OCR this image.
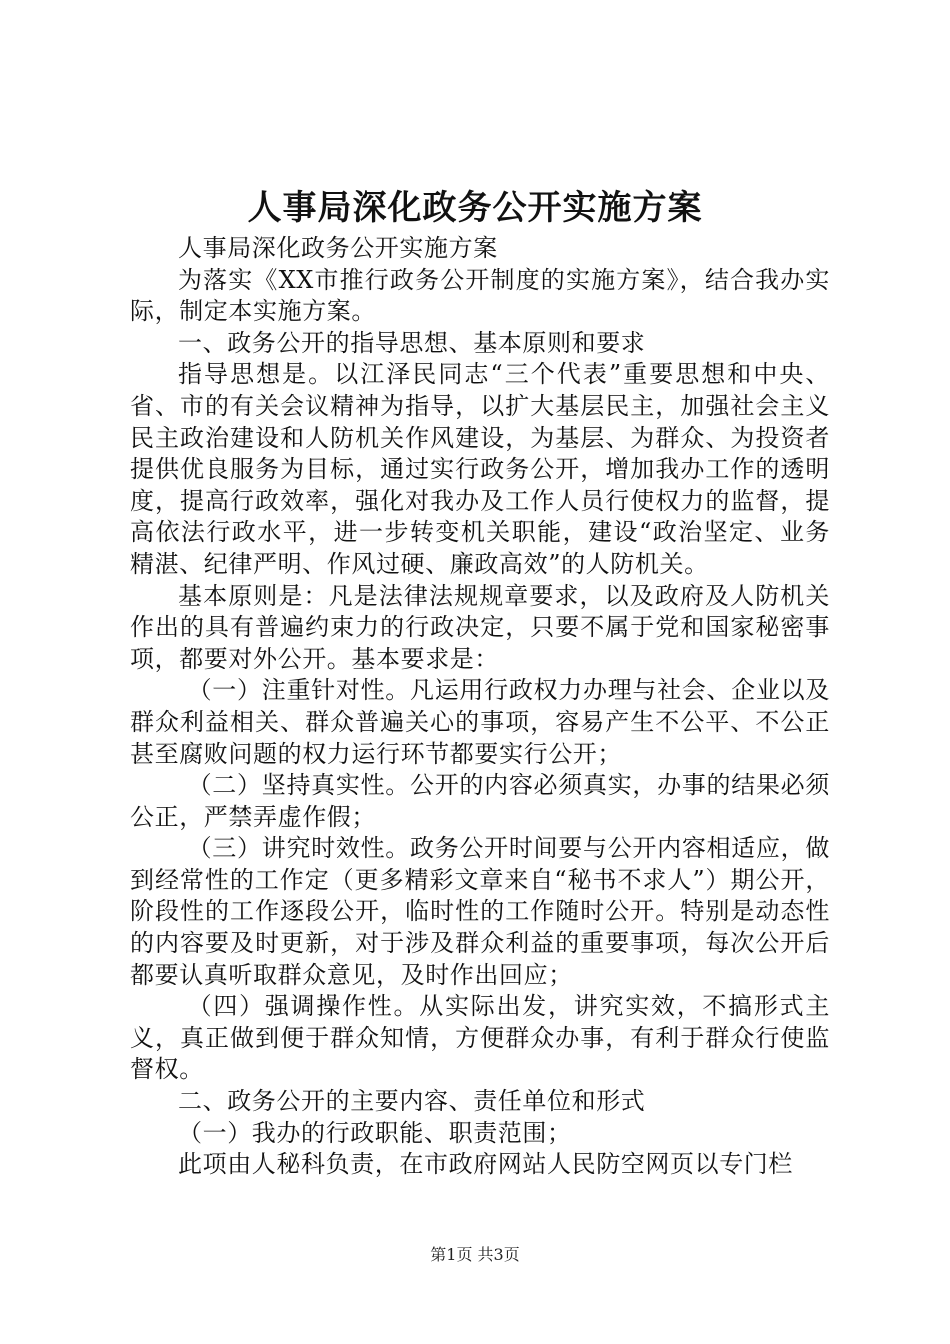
人事局深化政务公开实施方案

人事局深化政务公开实施方案

为落实《XX市推行政务公开制度的实施方案》，结合我办实际，制定本实施方案。

一、政务公开的指导思想、基本原则和要求

指导思想是。以江泽民同志“三个代表”重要思想和中央、省、市的有关会议精神为指导，以扩大基层民主，加强社会主义民主政治建设和人防机关作风建设，为基层、为群众、为投资者提供优良服务为目标，通过实行政务公开，增加我办工作的透明度，提高行政效率，强化对我办及工作人员行使权力的监督，提高依法行政水平，进一步转变机关职能，建设“政治坚定、业务精湛、纪律严明、作风过硬、廉政高效”的人防机关。

基本原则是：凡是法律法规规章要求，以及政府及人防机关作出的具有普遍约束力的行政决定，只要不属于党和国家秘密事项，都要对外公开。基本要求是：

（一）注重针对性。凡运用行政权力办理与社会、企业以及群众利益相关、群众普遍关心的事项，容易产生不公平、不公正甚至腐败问题的权力运行环节都要实行公开；

（二）坚持真实性。公开的内容必须真实，办事的结果必须公正，严禁弄虚作假；

（三）讲究时效性。政务公开时间要与公开内容相适应，做到经常性的工作定（更多精彩文章来自“秘书不求人”）期公开，阶段性的工作逐段公开，临时性的工作随时公开。特别是动态性的内容要及时更新，对于涉及群众利益的重要事项，每次公开后都要认真听取群众意见，及时作出回应；

（四）强调操作性。从实际出发，讲究实效，不搞形式主义，真正做到便于群众知情，方便群众办事，有利于群众行使监督权。

二、政务公开的主要内容、责任单位和形式

（一）我办的行政职能、职责范围；

此项由人秘科负责，在市政府网站人民防空网页以专门栏

第1页 共3页
